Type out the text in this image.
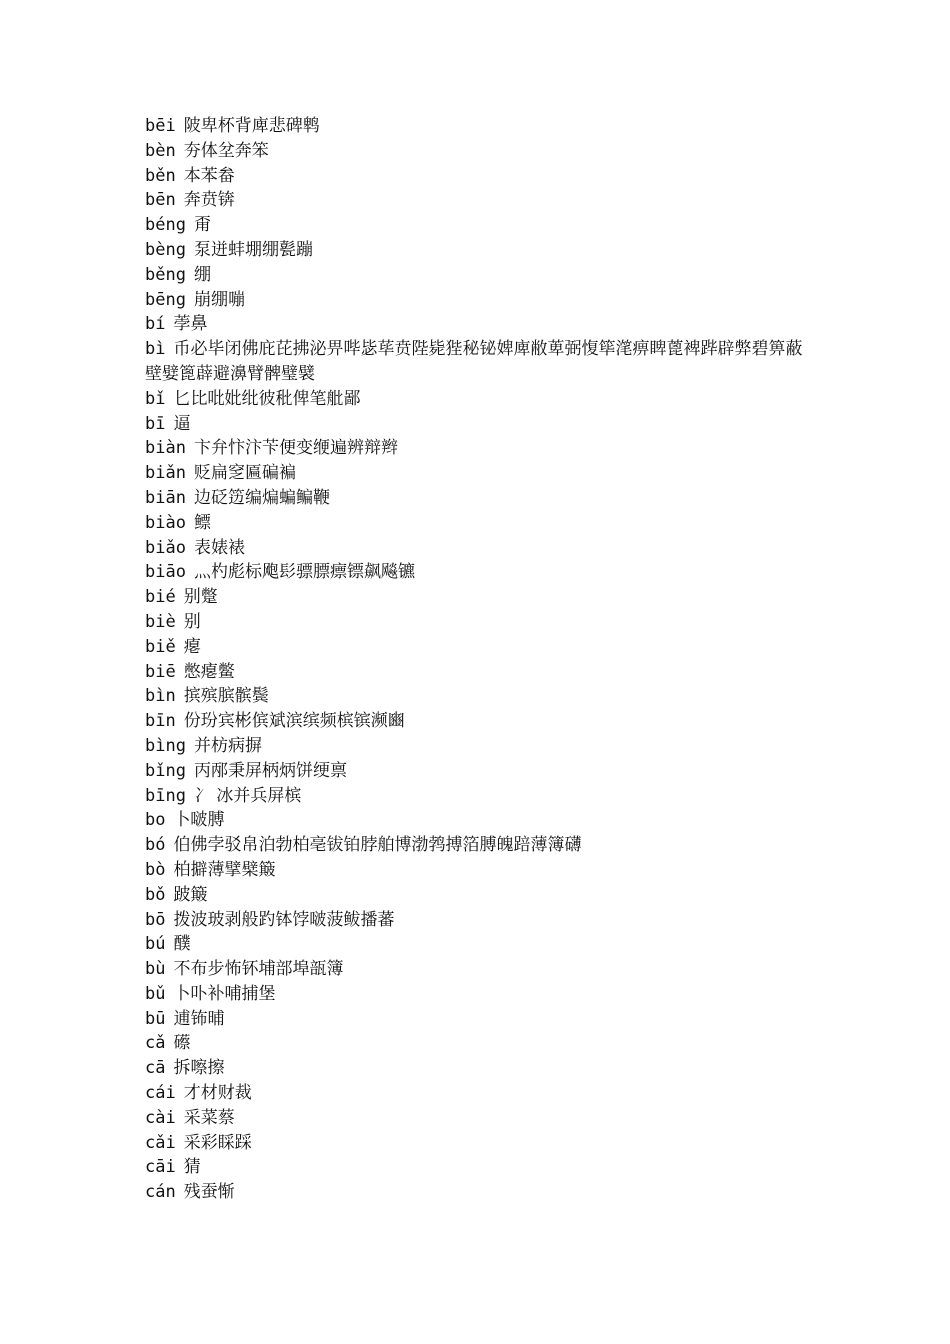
bēi 陂卑杯背庳悲碑鹎
bèn 夯体坌奔笨
běn 本苯畚
bēn 奔贲锛
béng 甭
bèng 泵迸蚌堋绷甏蹦
běng 绷
bēng 崩绷嘣
bí 荸鼻
bì 币必毕闭佛庇芘拂泌畀哔毖荜贲陛毙狴秘铋婢庳敝萆弼愎筚滗痹睥蓖裨跸辟弊碧箅蔽壁嬖篦薜避濞臂髀璧襞
bǐ 匕比吡妣纰彼秕俾笔舭鄙
bī 逼
biàn 卞弁忭汴苄便变缏遍辨辩辫
biǎn 贬扁窆匾碥褊
biān 边砭笾编煸蝙鳊鞭
biào 鳔
biǎo 表婊裱
biāo 灬杓彪标飑髟骠膘瘭镖飙飚镳
bié 别蹩
biè 别
biě 瘪
biē 憋瘪鳖
bìn 摈殡膑髌鬓
bīn 份玢宾彬傧斌滨缤频槟镔濒豳
bìng 并枋病摒
bǐng 丙邴秉屏柄炳饼绠禀
bīng 冫 冰并兵屏槟
bo 卜啵膊
bó 伯佛孛驳帛泊勃柏亳钹铂脖舶博渤鹁搏箔膊魄踣薄簿礴
bò 柏擗薄擘檗簸
bǒ 跛簸
bō 拨波玻剥般趵钵饽啵菠鲅播蕃
bú 醭
bù 不布步怖钚埔部埠瓿簿
bǔ 卜卟补哺捕堡
bū 逋钸晡
cǎ 礤
cā 拆嚓擦
cái 才材财裁
cài 采菜蔡
cǎi 采彩睬踩
cāi 猜
cán 残蚕惭
